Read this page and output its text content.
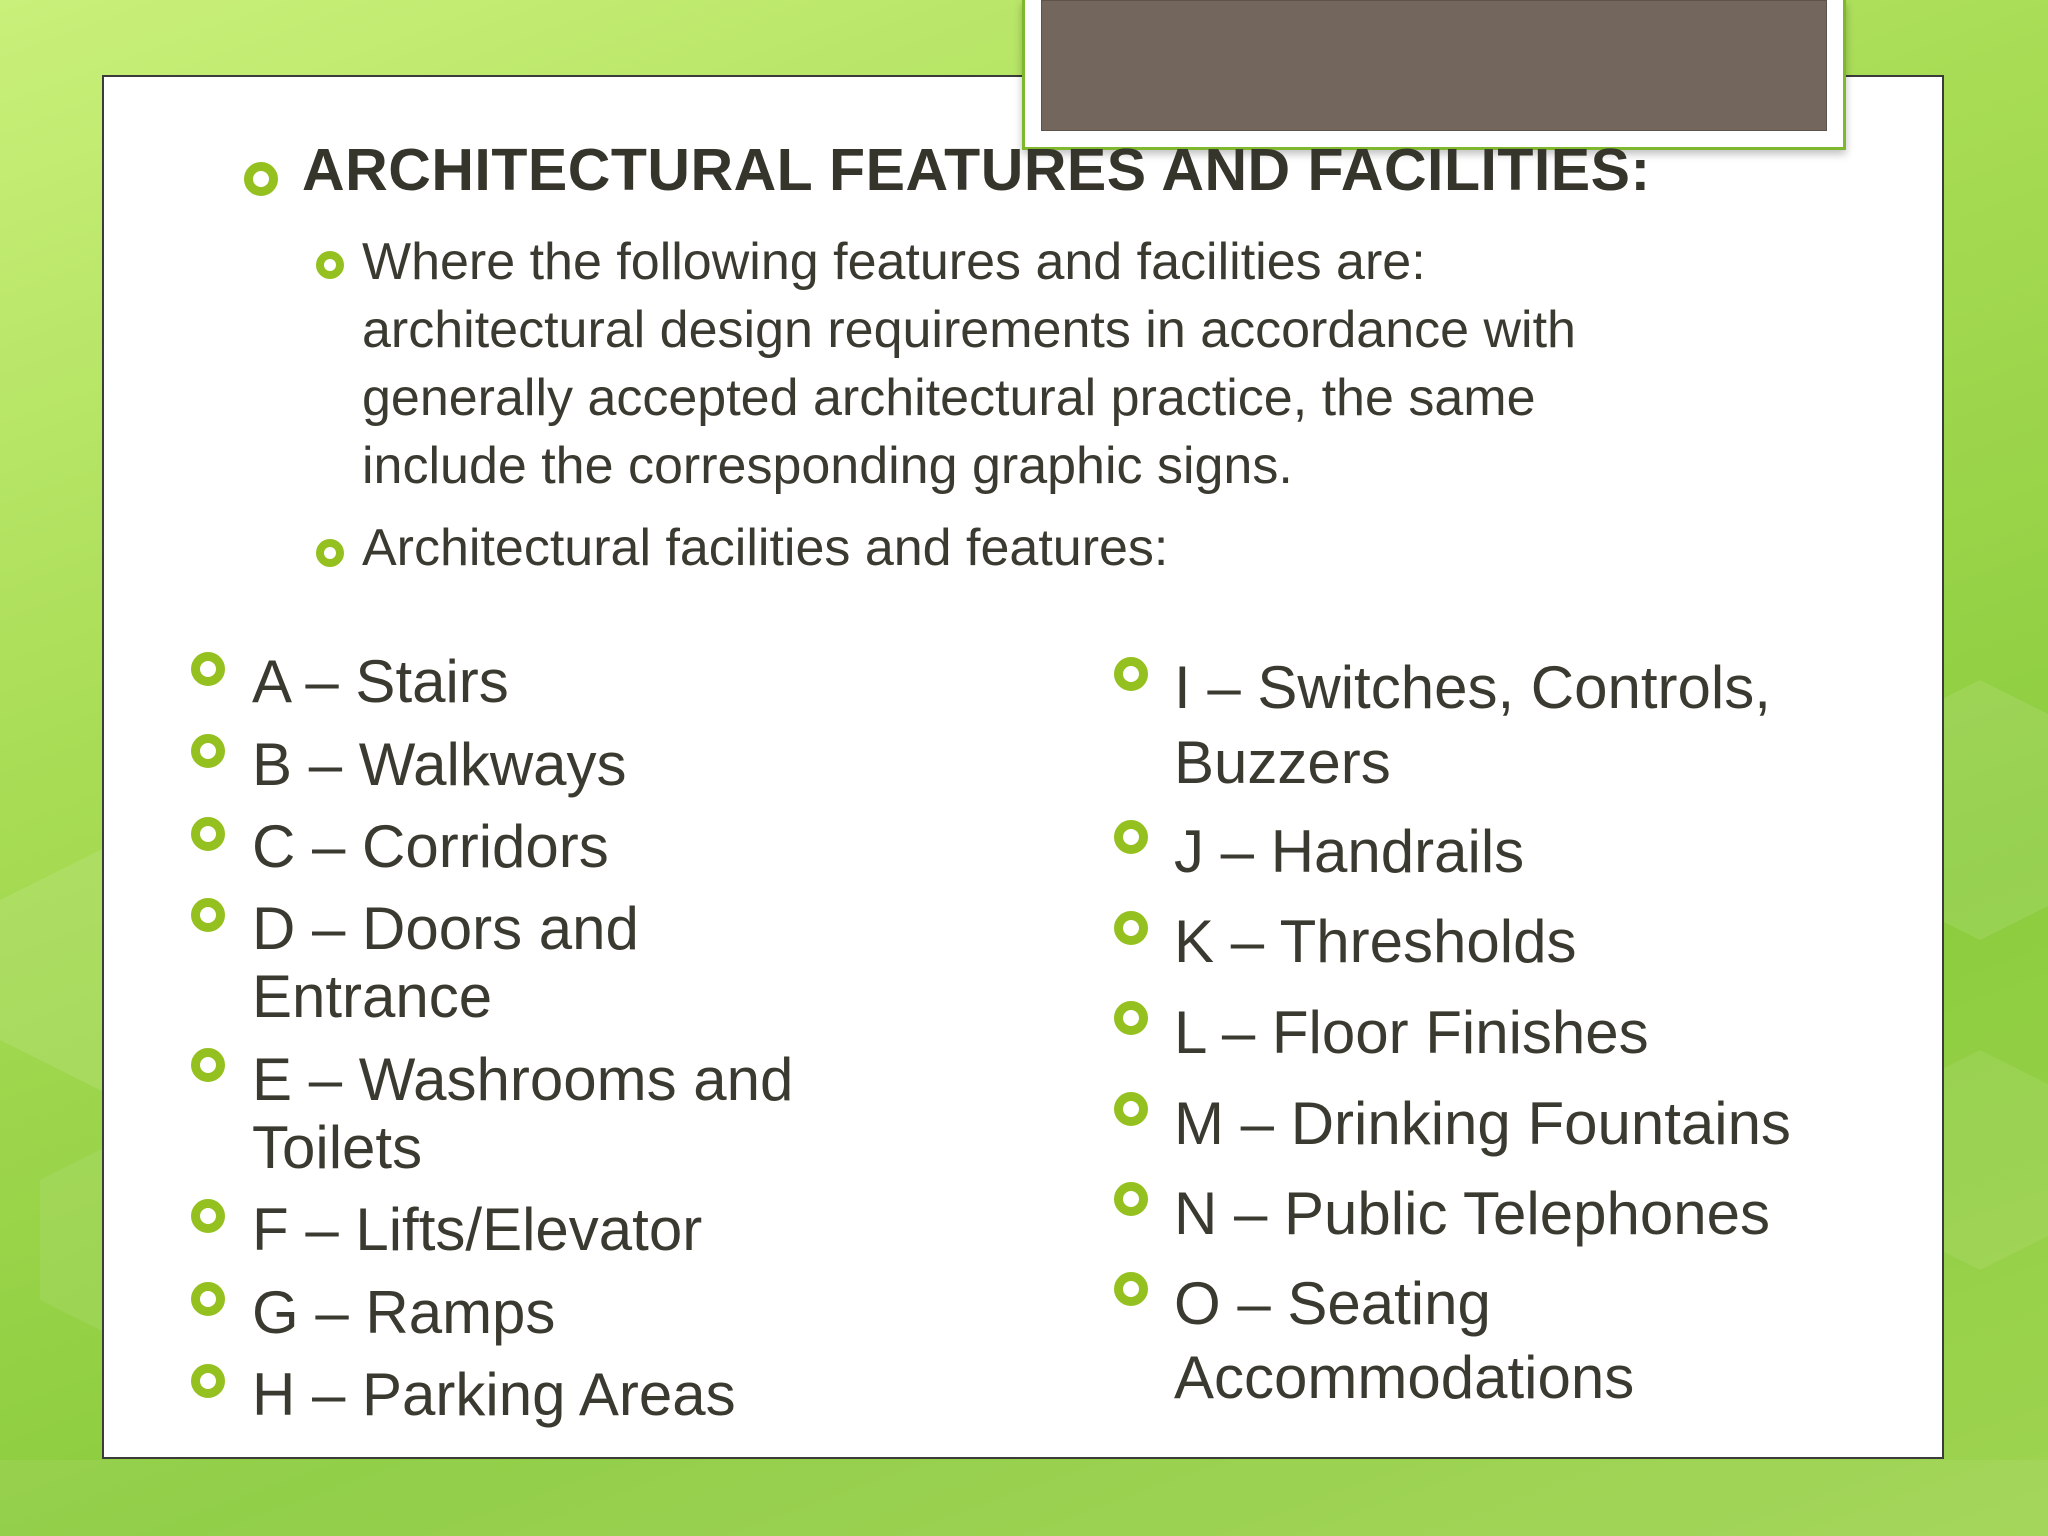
ARCHITECTURAL FEATURES AND FACILITIES:
Where the following features and facilities are:
architectural design requirements in accordance with
generally accepted architectural practice, the same
include the corresponding graphic signs.
Architectural facilities and features:
A – Stairs
B – Walkways
C – Corridors
D – Doors and
Entrance
E – Washrooms and
Toilets
F – Lifts/Elevator
G – Ramps
H – Parking Areas
I – Switches, Controls,
Buzzers
J – Handrails
K – Thresholds
L – Floor Finishes
M – Drinking Fountains
N – Public Telephones
O – Seating
Accommodations
